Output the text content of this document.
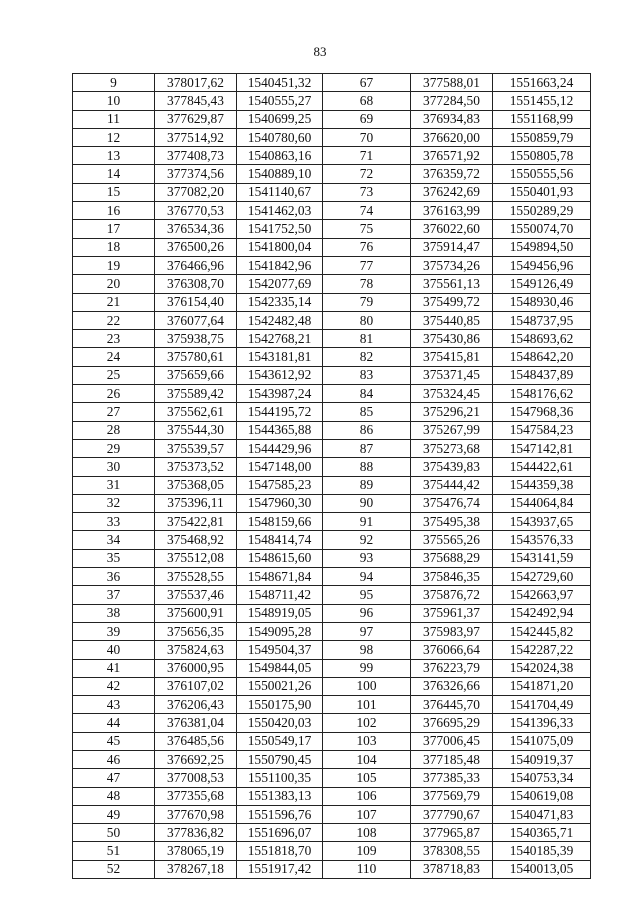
83
9	378017,62	1540451,32	67	377588,01	1551663,24
10	377845,43	1540555,27	68	377284,50	1551455,12
11	377629,87	1540699,25	69	376934,83	1551168,99
12	377514,92	1540780,60	70	376620,00	1550859,79
13	377408,73	1540863,16	71	376571,92	1550805,78
14	377374,56	1540889,10	72	376359,72	1550555,56
15	377082,20	1541140,67	73	376242,69	1550401,93
16	376770,53	1541462,03	74	376163,99	1550289,29
17	376534,36	1541752,50	75	376022,60	1550074,70
18	376500,26	1541800,04	76	375914,47	1549894,50
19	376466,96	1541842,96	77	375734,26	1549456,96
20	376308,70	1542077,69	78	375561,13	1549126,49
21	376154,40	1542335,14	79	375499,72	1548930,46
22	376077,64	1542482,48	80	375440,85	1548737,95
23	375938,75	1542768,21	81	375430,86	1548693,62
24	375780,61	1543181,81	82	375415,81	1548642,20
25	375659,66	1543612,92	83	375371,45	1548437,89
26	375589,42	1543987,24	84	375324,45	1548176,62
27	375562,61	1544195,72	85	375296,21	1547968,36
28	375544,30	1544365,88	86	375267,99	1547584,23
29	375539,57	1544429,96	87	375273,68	1547142,81
30	375373,52	1547148,00	88	375439,83	1544422,61
31	375368,05	1547585,23	89	375444,42	1544359,38
32	375396,11	1547960,30	90	375476,74	1544064,84
33	375422,81	1548159,66	91	375495,38	1543937,65
34	375468,92	1548414,74	92	375565,26	1543576,33
35	375512,08	1548615,60	93	375688,29	1543141,59
36	375528,55	1548671,84	94	375846,35	1542729,60
37	375537,46	1548711,42	95	375876,72	1542663,97
38	375600,91	1548919,05	96	375961,37	1542492,94
39	375656,35	1549095,28	97	375983,97	1542445,82
40	375824,63	1549504,37	98	376066,64	1542287,22
41	376000,95	1549844,05	99	376223,79	1542024,38
42	376107,02	1550021,26	100	376326,66	1541871,20
43	376206,43	1550175,90	101	376445,70	1541704,49
44	376381,04	1550420,03	102	376695,29	1541396,33
45	376485,56	1550549,17	103	377006,45	1541075,09
46	376692,25	1550790,45	104	377185,48	1540919,37
47	377008,53	1551100,35	105	377385,33	1540753,34
48	377355,68	1551383,13	106	377569,79	1540619,08
49	377670,98	1551596,76	107	377790,67	1540471,83
50	377836,82	1551696,07	108	377965,87	1540365,71
51	378065,19	1551818,70	109	378308,55	1540185,39
52	378267,18	1551917,42	110	378718,83	1540013,05
